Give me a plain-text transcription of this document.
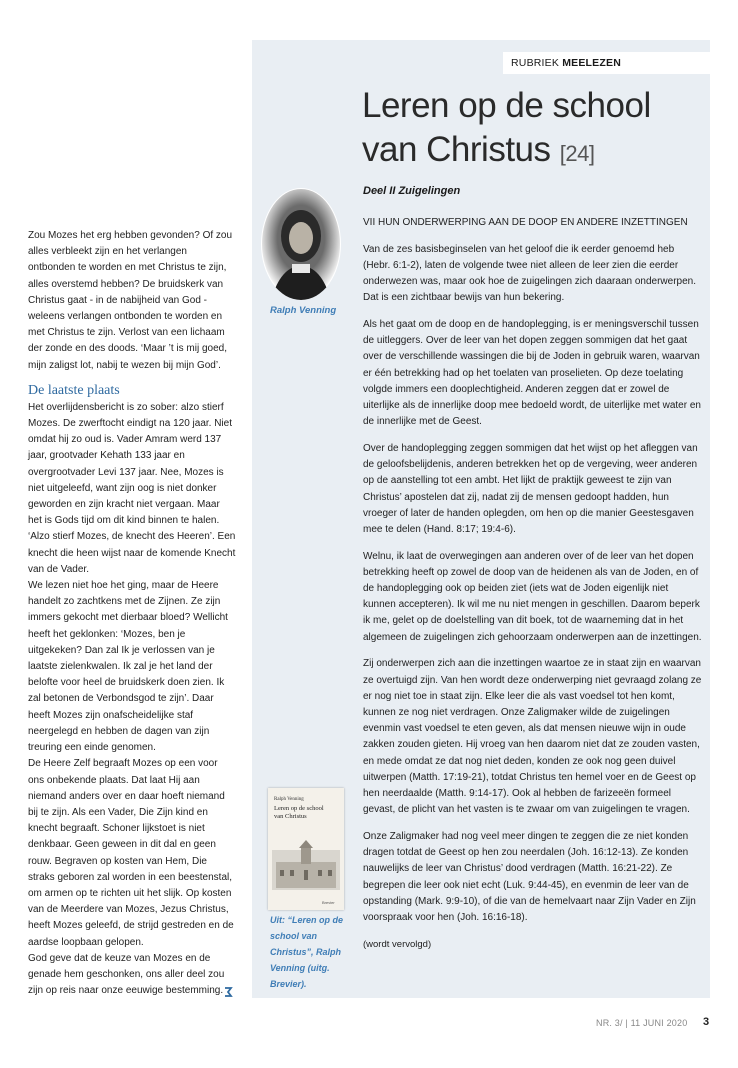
RUBRIEK MEELEZEN
Leren op de school
van Christus [24]
Deel II Zuigelingen
Ralph Venning

Zou Mozes het erg hebben gevonden? Of zou alles verbleekt zijn en het verlangen ontbonden te worden en met Christus te zijn, alles overstemd hebben? De bruidskerk van Christus gaat - in de nabijheid van God - weleens verlangen ontbonden te worden en met Christus te zijn. Verlost van een lichaam der zonde en des doods. ‘Maar ’t is mij goed, mijn zaligst lot, nabij te wezen bij mijn God’.

De laatste plaats

Het overlijdensbericht is zo sober: alzo stierf Mozes. De zwerftocht eindigt na 120 jaar. Niet omdat hij zo oud is. Vader Amram werd 137 jaar, grootvader Kehath 133 jaar en overgrootvader Levi 137 jaar. Nee, Mozes is niet uitgeleefd, want zijn oog is niet donker geworden en zijn kracht niet vergaan. Maar het is Gods tijd om dit kind binnen te halen. ‘Alzo stierf Mozes, de knecht des Heeren’. Een knecht die heen wijst naar de komende Knecht van de Vader.

We lezen niet hoe het ging, maar de Heere handelt zo zachtkens met de Zijnen. Ze zijn immers gekocht met dierbaar bloed? Wellicht heeft het geklonken: ‘Mozes, ben je uitgekeken? Dan zal Ik je verlossen van je laatste zielenkwalen. Ik zal je het land der belofte voor heel de bruidskerk doen zien. Ik zal betonen de Verbondsgod te zijn’. Daar heeft Mozes zijn onafscheidelijke staf neergelegd en hebben de dagen van zijn treuring een einde genomen.

De Heere Zelf begraaft Mozes op een voor ons onbekende plaats. Dat laat Hij aan niemand anders over en daar hoeft niemand bij te zijn. Als een Vader, Die Zijn kind en knecht begraaft. Schoner lijkstoet is niet denkbaar. Geen geween in dit dal en geen rouw. Begraven op kosten van Hem, Die straks geboren zal worden in een beestenstal, om armen op te richten uit het slijk. Op kosten van de Meerdere van Mozes, Jezus Christus, heeft Mozes geleefd, de strijd gestreden en de aardse loopbaan gelopen.

God geve dat de keuze van Mozes en de genade hem geschonken, ons aller deel zou zijn op reis naar onze eeuwige bestemming.

VII HUN ONDERWERPING AAN DE DOOP EN ANDERE INZETTINGEN

Van de zes basisbeginselen van het geloof die ik eerder genoemd heb (Hebr. 6:1-2), laten de volgende twee niet alleen de leer zien die eerder onderwezen was, maar ook hoe de zuigelingen zich daaraan onderwerpen. Dat is een zichtbaar bewijs van hun bekering.

Als het gaat om de doop en de handoplegging, is er meningsverschil tussen de uitleggers. Over de leer van het dopen zeggen sommigen dat het gaat over de verschillende wassingen die bij de Joden in gebruik waren, waarvan er één betrekking had op het toelaten van proselieten. Op deze toelating volgde immers een dooplechtigheid. Anderen zeggen dat er zowel de uiterlijke als de innerlijke doop mee bedoeld wordt, de uiterlijke met water en de innerlijke met de Geest.

Over de handoplegging zeggen sommigen dat het wijst op het afleggen van de geloofsbelijdenis, anderen betrekken het op de vergeving, weer anderen op de aanstelling tot een ambt. Het lijkt de praktijk geweest te zijn van Christus’ apostelen dat zij, nadat zij de mensen gedoopt hadden, hun vroeger of later de handen oplegden, om hen op die manier Geestesgaven mee te delen (Hand. 8:17; 19:4-6).

Welnu, ik laat de overwegingen aan anderen over of de leer van het dopen betrekking heeft op zowel de doop van de heidenen als van de Joden, en of de handoplegging ook op beiden ziet (iets wat de Joden eigenlijk niet kunnen accepteren). Ik wil me nu niet mengen in geschillen. Daarom beperk ik me, gelet op de doelstelling van dit boek, tot de waarneming dat in het algemeen de zuigelingen zich gehoorzaam onderwerpen aan de inzettingen.

Zij onderwerpen zich aan die inzettingen waartoe ze in staat zijn en waarvan ze overtuigd zijn. Van hen wordt deze onderwerping niet gevraagd zolang ze er nog niet toe in staat zijn. Elke leer die als vast voedsel tot hen komt, kunnen ze nog niet verdragen. Onze Zaligmaker wilde de zuigelingen evenmin vast voedsel te eten geven, als dat mensen nieuwe wijn in oude zakken zouden gieten. Hij vroeg van hen daarom niet dat ze zouden vasten, en mede omdat ze dat nog niet deden, konden ze ook nog geen duivel uitwerpen (Matth. 17:19-21), totdat Christus ten hemel voer en de Geest op hen neerdaalde (Matth. 9:14-17). Ook al hebben de farizeeën formeel gevast, de plicht van het vasten is te zwaar om van zuigelingen te vragen.

Onze Zaligmaker had nog veel meer dingen te zeggen die ze niet konden dragen totdat de Geest op hen zou neerdalen (Joh. 16:12-13). Ze konden nauwelijks de leer van Christus’ dood verdragen (Matth. 16:21-22). Ze begrepen die leer ook niet echt (Luk. 9:44-45), en evenmin de leer van de opstanding (Mark. 9:9-10), of die van de hemelvaart naar Zijn Vader en Zijn voorspraak voor hen (Joh. 16:16-18).

(wordt vervolgd)

Ralph Venning
Leren op de school
van Christus
Brevier
Uit: “Leren op de school van Christus”, Ralph Venning (uitg. Brevier).
NR. 3/ | 11 JUNI 2020 3
